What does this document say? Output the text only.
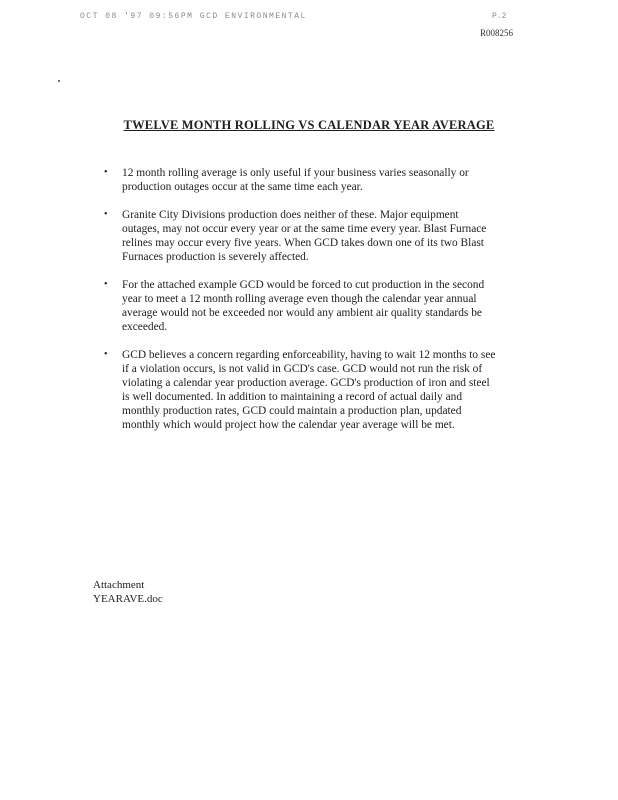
OCT 08 '97 09:56PM GCD ENVIRONMENTAL	P.2
R008256
TWELVE MONTH ROLLING VS CALENDAR YEAR AVERAGE
• 12 month rolling average is only useful if your business varies seasonally or production outages occur at the same time each year.
• Granite City Divisions production does neither of these. Major equipment outages, may not occur every year or at the same time every year. Blast Furnace relines may occur every five years. When GCD takes down one of its two Blast Furnaces production is severely affected.
• For the attached example GCD would be forced to cut production in the second year to meet a 12 month rolling average even though the calendar year annual average would not be exceeded nor would any ambient air quality standards be exceeded.
• GCD believes a concern regarding enforceability, having to wait 12 months to see if a violation occurs, is not valid in GCD's case. GCD would not run the risk of violating a calendar year production average. GCD's production of iron and steel is well documented. In addition to maintaining a record of actual daily and monthly production rates, GCD could maintain a production plan, updated monthly which would project how the calendar year average will be met.
Attachment
YEARAVE.doc
